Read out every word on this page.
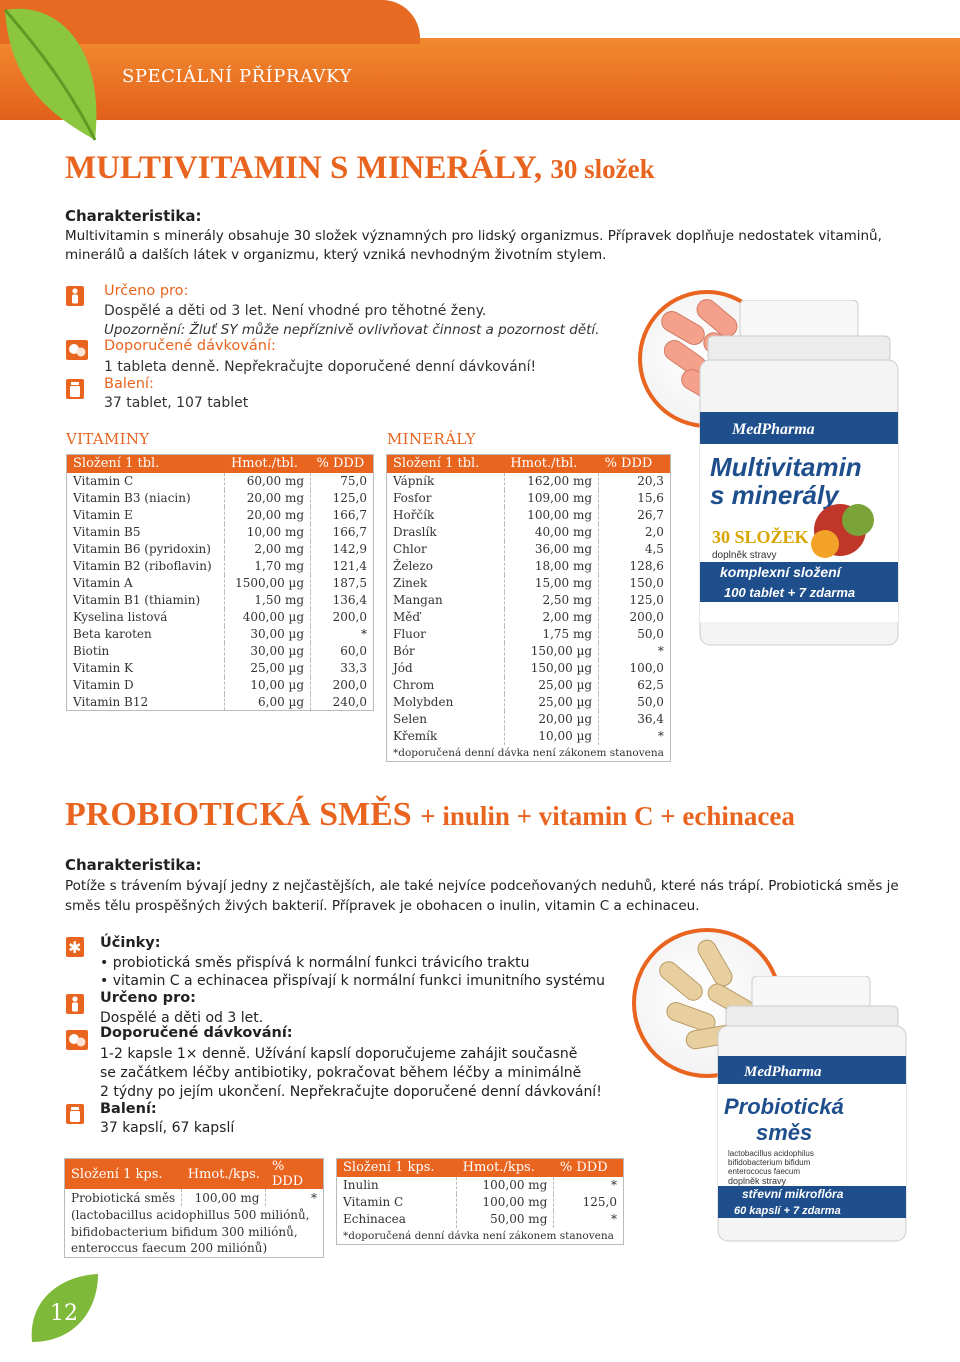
SPECIÁLNÍ PŘÍPRAVKY
MULTIVITAMIN S MINERÁLY, 30 složek
Charakteristika:
Multivitamin s minerály obsahuje 30 složek významných pro lidský organizmus. Přípravek doplňuje nedostatek vitaminů,
minerálů a dalších látek v organizmu, který vzniká nevhodným životním stylem.
Určeno pro:
Dospělé a děti od 3 let. Není vhodné pro těhotné ženy.
Upozornění: Žluť SY může nepříznivě ovlivňovat činnost a pozornost dětí.
Doporučené dávkování:
1 tableta denně. Nepřekračujte doporučené denní dávkování!
Balení:
37 tablet, 107 tablet
MedPharma
Multivitamin
s minerály
30 SLOŽEK
doplněk stravy
komplexní složení
100 tablet + 7 zdarma
VITAMINY
Složení 1 tbl.	Hmot./tbl.	% DDD
Vitamin C	60,00 mg	75,0
Vitamin B3 (niacin)	20,00 mg	125,0
Vitamin E	20,00 mg	166,7
Vitamin B5	10,00 mg	166,7
Vitamin B6 (pyridoxin)	2,00 mg	142,9
Vitamin B2 (riboflavin)	1,70 mg	121,4
Vitamin A	1500,00 µg	187,5
Vitamin B1 (thiamin)	1,50 mg	136,4
Kyselina listová	400,00 µg	200,0
Beta karoten	30,00 µg	*
Biotin	30,00 µg	60,0
Vitamin K	25,00 µg	33,3
Vitamin D	10,00 µg	200,0
Vitamin B12	6,00 µg	240,0
MINERÁLY
Složení 1 tbl.	Hmot./tbl.	% DDD
Vápník	162,00 mg	20,3
Fosfor	109,00 mg	15,6
Hořčík	100,00 mg	26,7
Draslík	40,00 mg	2,0
Chlor	36,00 mg	4,5
Železo	18,00 mg	128,6
Zinek	15,00 mg	150,0
Mangan	2,50 mg	125,0
Měď	2,00 mg	200,0
Fluor	1,75 mg	50,0
Bór	150,00 µg	*
Jód	150,00 µg	100,0
Chrom	25,00 µg	62,5
Molybden	25,00 µg	50,0
Selen	20,00 µg	36,4
Křemík	10,00 µg	*
*doporučená denní dávka není zákonem stanovena		
PROBIOTICKÁ SMĚS + inulin + vitamin C + echinacea
Charakteristika:
Potíže s trávením bývají jedny z nejčastějších, ale také nejvíce podceňovaných neduhů, které nás trápí. Probiotická směs je
směs tělu prospěšných živých bakterií. Přípravek je obohacen o inulin, vitamin C a echinaceu.
✱ Účinky:
• probiotická směs přispívá k normální funkci trávicího traktu
• vitamin C a echinacea přispívají k normální funkci imunitního systému
Určeno pro:
Dospělé a děti od 3 let.
Doporučené dávkování:
1-2 kapsle 1× denně. Užívání kapslí doporučujeme zahájit současně
se začátkem léčby antibiotiky, pokračovat během léčby a minimálně
2 týdny po jejím ukončení. Nepřekračujte doporučené denní dávkování!
Balení:
37 kapslí, 67 kapslí
MedPharma
Probiotická
směs
lactobacillus acidophilus
bifidobacterium bifidum
enterococus faecum
doplněk stravy
střevní mikroflóra
60 kapslí + 7 zdarma
Složení 1 kps.	Hmot./kps.	% DDD
Probiotická směs	100,00 mg	*
(lactobacillus acidophillus 500 miliónů,		
bifidobacterium bifidum 300 miliónů,		
enteroccus faecum 200 miliónů)		
Složení 1 kps.	Hmot./kps.	% DDD
Inulin	100,00 mg	*
Vitamin C	100,00 mg	125,0
Echinacea	50,00 mg	*
*doporučená denní dávka není zákonem stanovena		
12
